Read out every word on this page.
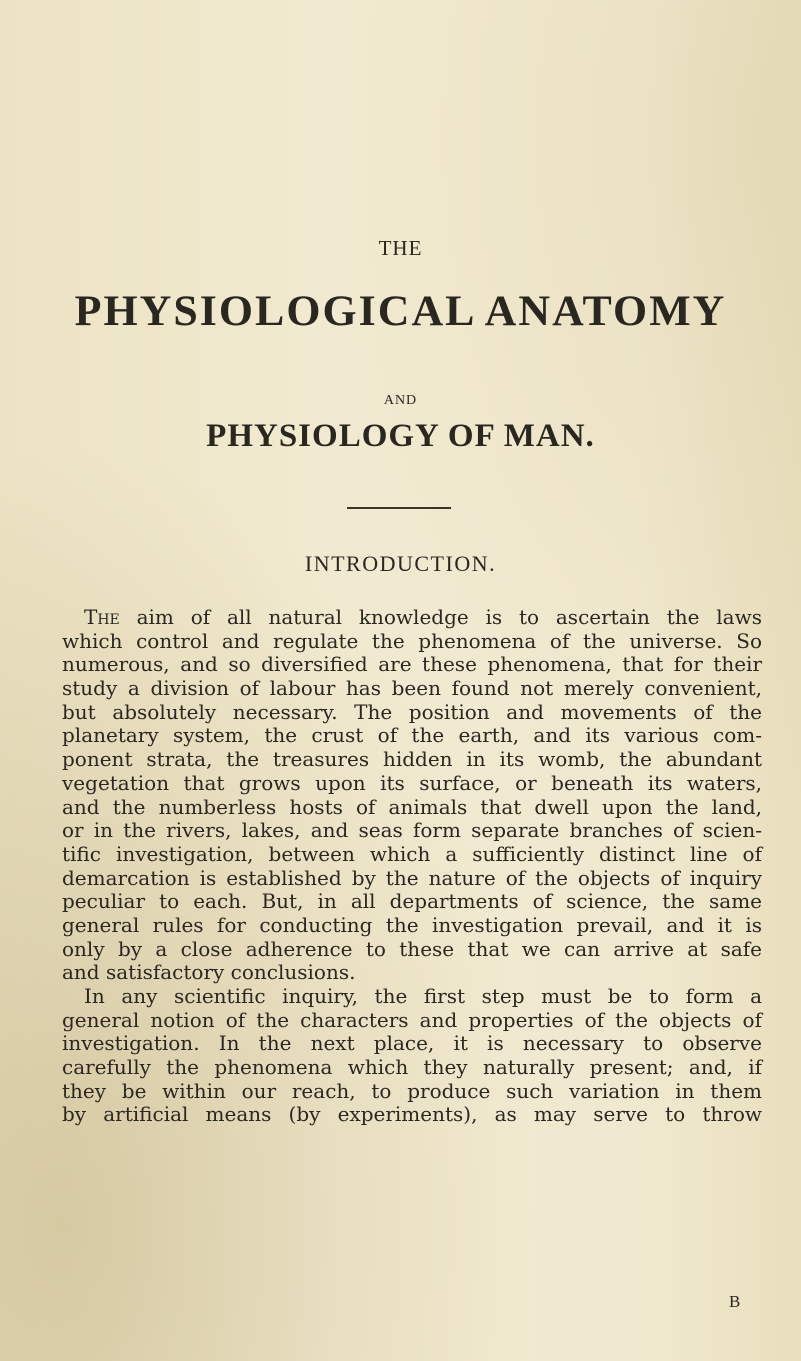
THE
PHYSIOLOGICAL ANATOMY
AND
PHYSIOLOGY OF MAN.
INTRODUCTION.
The aim of all natural knowledge is to ascertain the laws
which control and regulate the phenomena of the universe. So
numerous, and so diversified are these phenomena, that for their
study a division of labour has been found not merely convenient,
but absolutely necessary. The position and movements of the
planetary system, the crust of the earth, and its various com-
ponent strata, the treasures hidden in its womb, the abundant
vegetation that grows upon its surface, or beneath its waters,
and the numberless hosts of animals that dwell upon the land,
or in the rivers, lakes, and seas form separate branches of scien-
tific investigation, between which a sufficiently distinct line of
demarcation is established by the nature of the objects of inquiry
peculiar to each. But, in all departments of science, the same
general rules for conducting the investigation prevail, and it is
only by a close adherence to these that we can arrive at safe
and satisfactory conclusions.
In any scientific inquiry, the first step must be to form a
general notion of the characters and properties of the objects of
investigation. In the next place, it is necessary to observe
carefully the phenomena which they naturally present; and, if
they be within our reach, to produce such variation in them
by artificial means (by experiments), as may serve to throw
B
